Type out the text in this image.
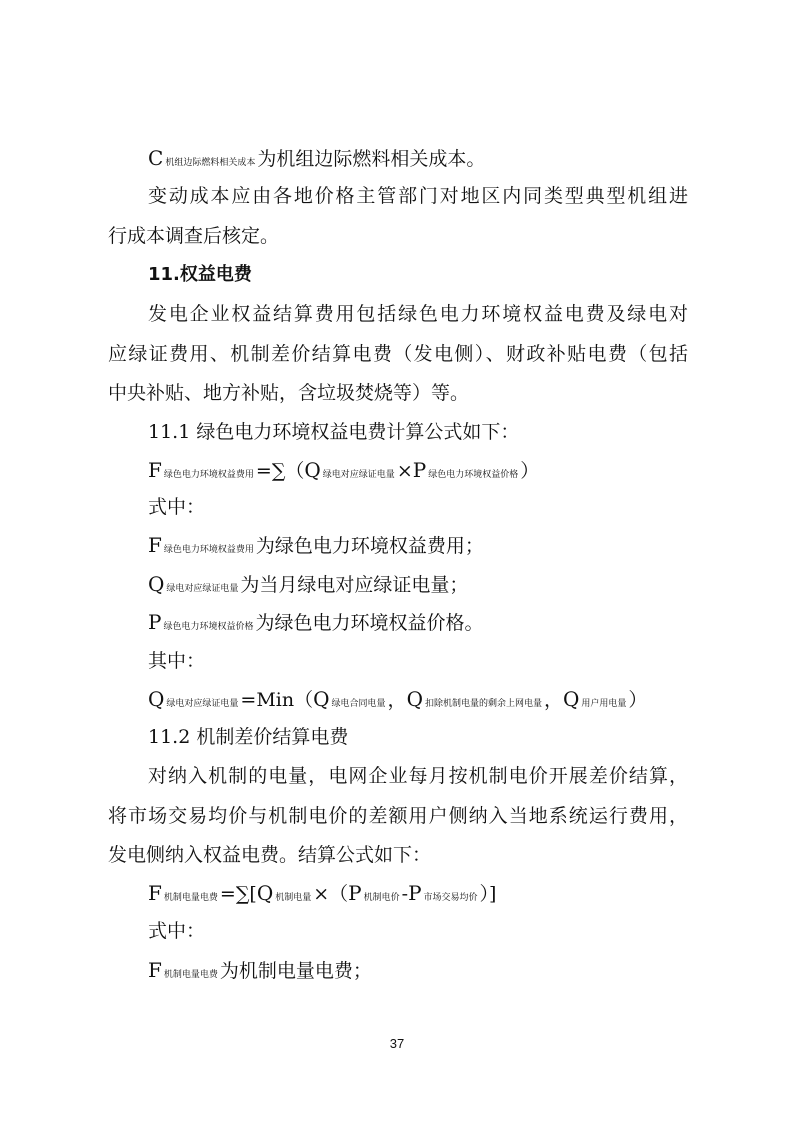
C机组边际燃料相关成本 为机组边际燃料相关成本。
变动成本应由各地价格主管部门对地区内同类型典型机组进
行成本调查后核定。
11.权益电费
发电企业权益结算费用包括绿色电力环境权益电费及绿电对
应绿证费用、机制差价结算电费（发电侧）、财政补贴电费（包括
中央补贴、地方补贴，含垃圾焚烧等）等。
11.1 绿色电力环境权益电费计算公式如下：
F绿色电力环境权益费用 =∑（Q 绿电对应绿证电量 ×P 绿色电力环境权益价格 ）
式中：
F绿色电力环境权益费用 为绿色电力环境权益费用；
Q绿电对应绿证电量 为当月绿电对应绿证电量；
P绿色电力环境权益价格 为绿色电力环境权益价格。
其中：
Q绿电对应绿证电量 =Min（Q 绿电合同电量 ，Q 扣除机制电量的剩余上网电量 ，Q 用户用电量 ）
11.2 机制差价结算电费
对纳入机制的电量，电网企业每月按机制电价开展差价结算，
将市场交易均价与机制电价的差额用户侧纳入当地系统运行费用，
发电侧纳入权益电费。结算公式如下：
F机制电量电费 =∑[Q 机制电量 ×（P 机制电价 -P 市场交易均价 ）]
式中：
F机制电量电费 为机制电量电费；
37
